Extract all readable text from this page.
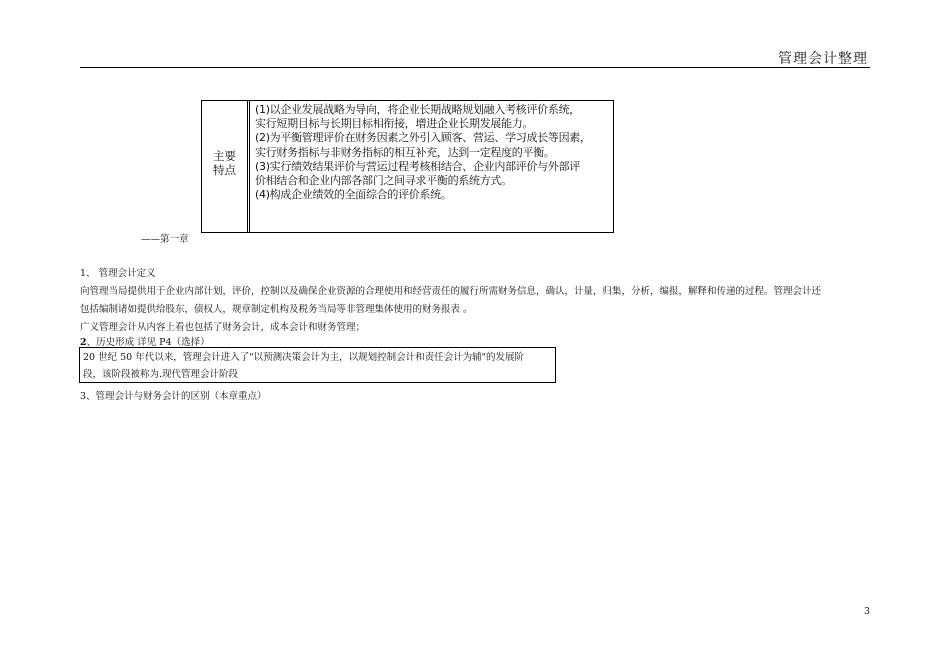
管理会计整理
主要
特点
(1)以企业发展战略为导向，将企业长期战略规划融入考核评价系统，
实行短期目标与长期目标相衔接，增进企业长期发展能力。
(2)为平衡管理评价在财务因素之外引入顾客、营运、学习成长等因素，
实行财务指标与非财务指标的相互补充，达到一定程度的平衡。
(3)实行绩效结果评价与营运过程考核相结合、企业内部评价与外部评
价相结合和企业内部各部门之间寻求平衡的系统方式。
(4)构成企业绩效的全面综合的评价系统。
——第一章
1、 管理会计定义
向管理当局提供用于企业内部计划，评价，控制以及确保企业资源的合理使用和经营责任的履行所需财务信息，确认，计量，归集，分析，编报，解释和传递的过程。管理会计还
包括编制诸如提供给股东，债权人，规章制定机构及税务当局等非管理集体使用的财务报表 。
广义管理会计从内容上看也包括了财务会计，成本会计和财务管理；
2、历史形成 详见 P4（选择）
20 世纪 50 年代以来，管理会计进入了"以预测决策会计为主，以规划控制会计和责任会计为辅"的发展阶
段，该阶段被称为.现代管理会计阶段
3、管理会计与财务会计的区别（本章重点）
3
